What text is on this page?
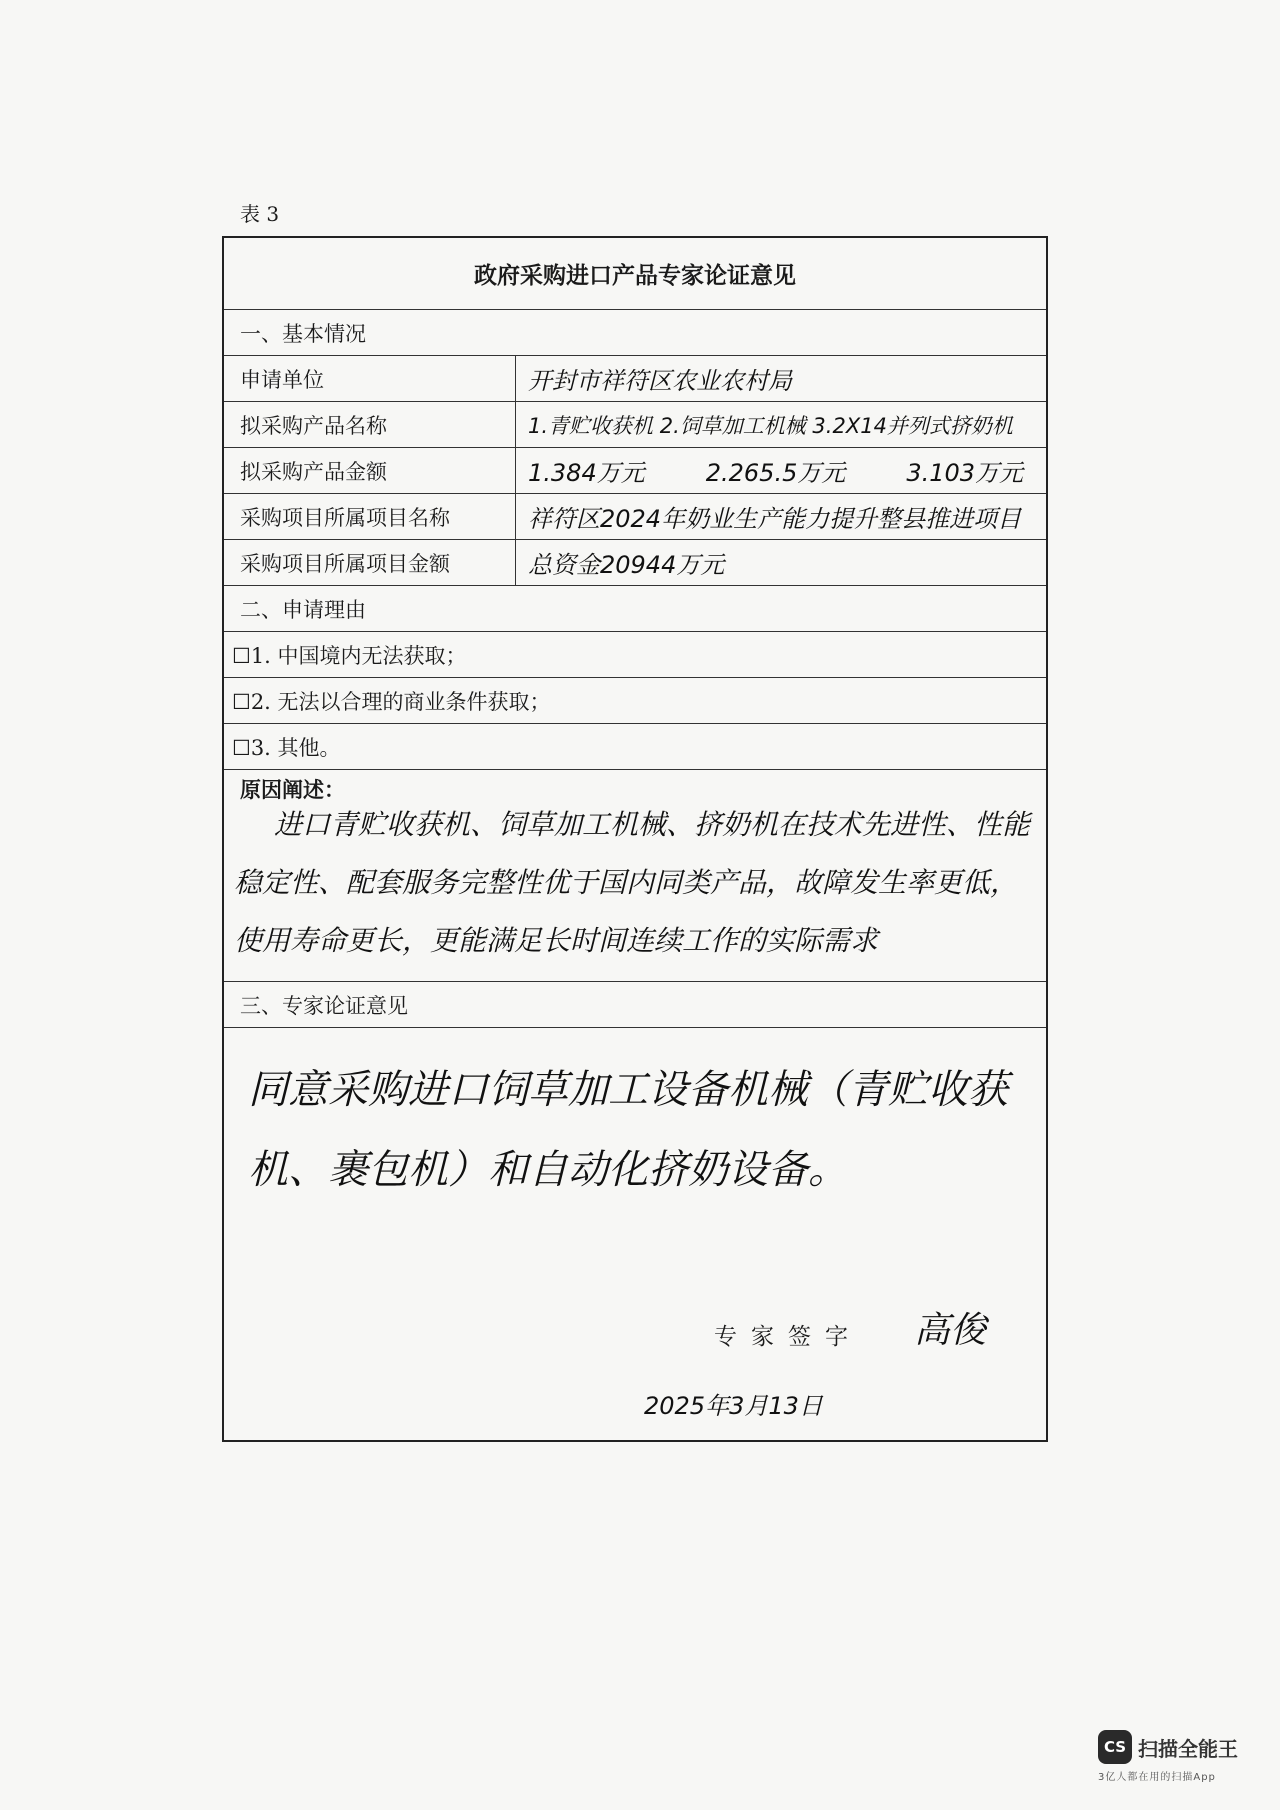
表 3
政府采购进口产品专家论证意见
一、基本情况
申请单位	开封市祥符区农业农村局
拟采购产品名称	1.青贮收获机 2.饲草加工机械 3.2X14并列式挤奶机
拟采购产品金额	1.384万元        2.265.5万元        3.103万元
采购项目所属项目名称	祥符区2024年奶业生产能力提升整县推进项目
采购项目所属项目金额	总资金20944万元
二、申请理由
☐1. 中国境内无法获取；
☐2. 无法以合理的商业条件获取；
☐3. 其他。
原因阐述：
进口青贮收获机、饲草加工机械、挤奶机在技术先进性、性能稳定性、配套服务完整性优于国内同类产品，故障发生率更低，使用寿命更长，更能满足长时间连续工作的实际需求
三、专家论证意见
同意采购进口饲草加工设备机械（青贮收获机、裹包机）和自动化挤奶设备。
专家签字 高俊
2025年3月13日
CS 扫描全能王
3亿人都在用的扫描App
